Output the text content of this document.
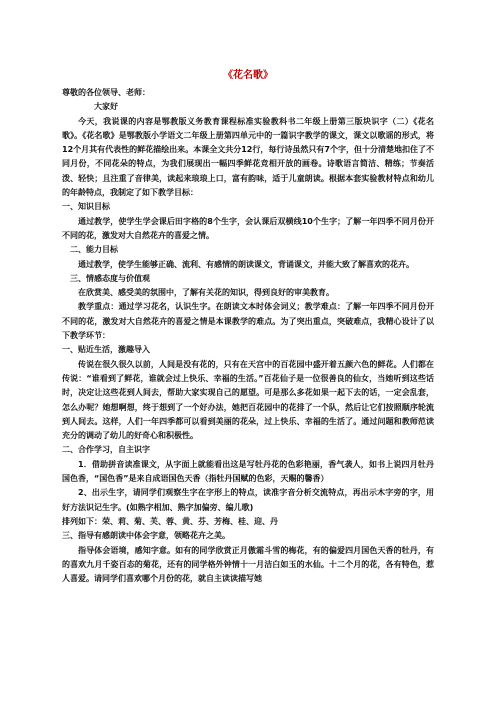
《花名歌》

尊敬的各位领导、老师：

大家好

今天，我说课的内容是鄂教版义务教育课程标准实验教科书二年级上册第三版块识字（二）《花名歌》。《花名歌》是鄂教版小学语文二年级上册第四单元中的一篇识字教学的课文，课文以歌谣的形式，将12个月其有代表性的鲜花描绘出来。本课全文共分12行，每行诗虽然只有7个字，但十分清楚地扣住了不同月份，不同花朵的特点，为我们展现出一幅四季鲜花竞相开放的画卷。诗歌语言简洁、精练；节奏活泼、轻快；且注重了音律美，读起来琅琅上口，富有韵味，适于儿童朗读。根据本套实验教材特点和幼儿的年龄特点，我制定了如下教学目标：

一、知识目标

通过教学，使学生学会课后田字格的8个生字，会认课后双横线10个生字；了解一年四季不同月份开不同的花，激发对大自然花卉的喜爱之情。

二、能力目标

通过教学，使学生能够正确、流利、有感情的朗读课文，背诵课文，并能大致了解喜欢的花卉。

三、情感态度与价值观

在欣赏美、感受美的氛围中，了解有关花的知识，得到良好的审美教育。

教学重点：通过学习花名，认识生字。在朗读文本时体会词义；教学难点：了解一年四季不同月份开不同的花，激发对大自然花卉的喜爱之情是本课教学的难点。为了突出重点，突破难点，我精心设计了以下教学环节：

一、贴近生活，激趣导入

传说在很久很久以前，人间是没有花的，只有在天宫中的百花园中盛开着五颜六色的鲜花。人们都在传说：“谁看到了鲜花，谁就会过上快乐、幸福的生活。”百花仙子是一位很善良的仙女，当她听到这些话时，决定让这些花到人间去，帮助大家实现自己的愿望。可是那么多花如果一起下去的话，一定会乱套，怎么办呢？她想啊想，终于想到了一个好办法，她把百花园中的花排了一个队，然后让它们按照顺序轮流到人间去。这样，人们一年四季都可以看到美丽的花朵，过上快乐、幸福的生活了。通过问题和教师范读充分的调动了幼儿的好奇心和积极性。

二、合作学习，自主识字

1．借助拼音读准课文，从字面上就能看出这是写牡丹花的色彩艳丽，香气袭人，如书上说四月牡丹国色香，“国色香”是来自成语国色天香（指牡丹国赋的色彩，天赐的馨香）

2、出示生字，请同学们观察生字在字形上的特点，读准字音分析交流特点，再出示木字旁的字，用好方法识记生字。(如熟字相加、熟字加偏旁、编儿歌)

排列如下：荣、莉、菊、芙、蓉、黄、芬、芳梅、桂、迎、丹

三、指导有感朗读中体会字意，领略花卉之美。

指导体会语境，感知字意。如有的同学欣赏正月傲霜斗雪的梅花，有的偏爱四月国色天香的牡丹，有的喜欢九月千姿百态的菊花，还有的同学格外钟情十一月洁白如玉的水仙。十二个月的花，各有特色，惹人喜爱。请同学们喜欢哪个月份的花，就自主读读描写她
